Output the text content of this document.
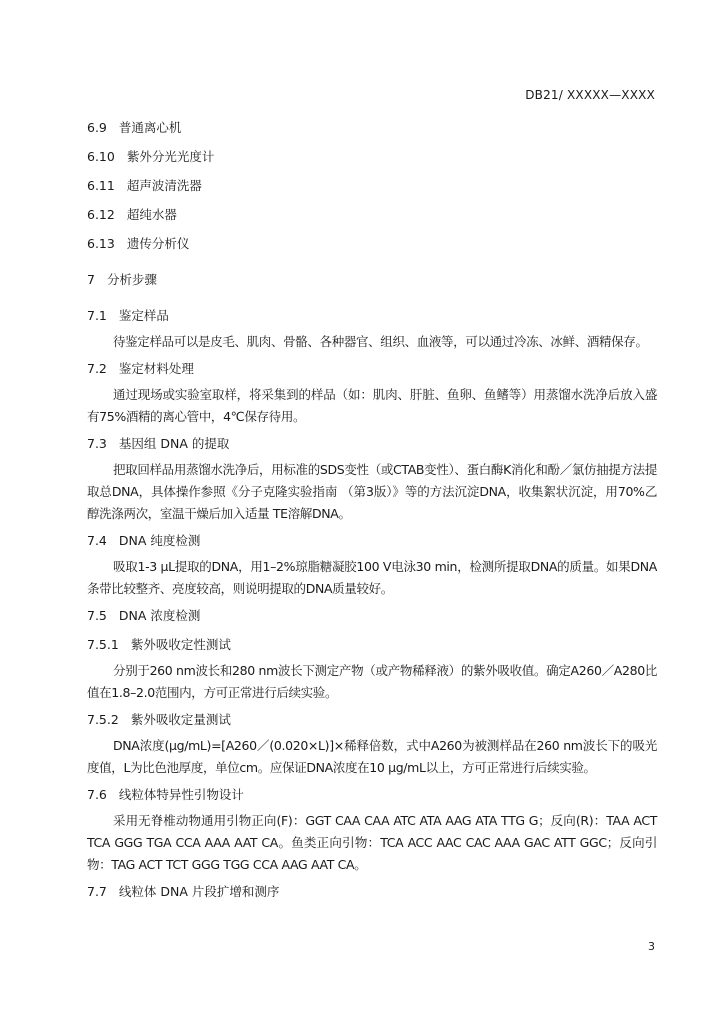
DB21/ XXXXX—XXXX

6.9 普通离心机

6.10 紫外分光光度计

6.11 超声波清洗器

6.12 超纯水器

6.13 遗传分析仪

7 分析步骤

7.1 鉴定样品

待鉴定样品可以是皮毛、肌肉、骨骼、各种器官、组织、血液等，可以通过冷冻、冰鲜、酒精保存。

7.2 鉴定材料处理

通过现场或实验室取样，将采集到的样品（如：肌肉、肝脏、鱼卵、鱼鳍等）用蒸馏水洗净后放入盛有75%酒精的离心管中，4℃保存待用。

7.3 基因组 DNA 的提取

把取回样品用蒸馏水洗净后，用标准的SDS变性（或CTAB变性）、蛋白酶K消化和酚／氯仿抽提方法提取总DNA，具体操作参照《分子克隆实验指南 （第3版）》等的方法沉淀DNA，收集絮状沉淀，用70%乙醇洗涤两次，室温干燥后加入适量 TE溶解DNA。

7.4 DNA 纯度检测

吸取1-3 μL提取的DNA，用1–2%琼脂糖凝胶100 V电泳30 min，检测所提取DNA的质量。如果DNA条带比较整齐、亮度较高，则说明提取的DNA质量较好。

7.5 DNA 浓度检测

7.5.1 紫外吸收定性测试

分别于260 nm波长和280 nm波长下测定产物（或产物稀释液）的紫外吸收值。确定A260／A280比值在1.8–2.0范围内，方可正常进行后续实验。

7.5.2 紫外吸收定量测试

DNA浓度(μg/mL)=[A260／(0.020×L)]×稀释倍数，式中A260为被测样品在260 nm波长下的吸光度值，L为比色池厚度，单位cm。应保证DNA浓度在10 μg/mL以上，方可正常进行后续实验。

7.6 线粒体特异性引物设计

采用无脊椎动物通用引物正向(F)：GGT CAA CAA ATC ATA AAG ATA TTG G；反向(R)：TAA ACT TCA GGG TGA CCA AAA AAT CA。鱼类正向引物：TCA ACC AAC CAC AAA GAC ATT GGC；反向引物：TAG ACT TCT GGG TGG CCA AAG AAT CA。

7.7 线粒体 DNA 片段扩增和测序

3
